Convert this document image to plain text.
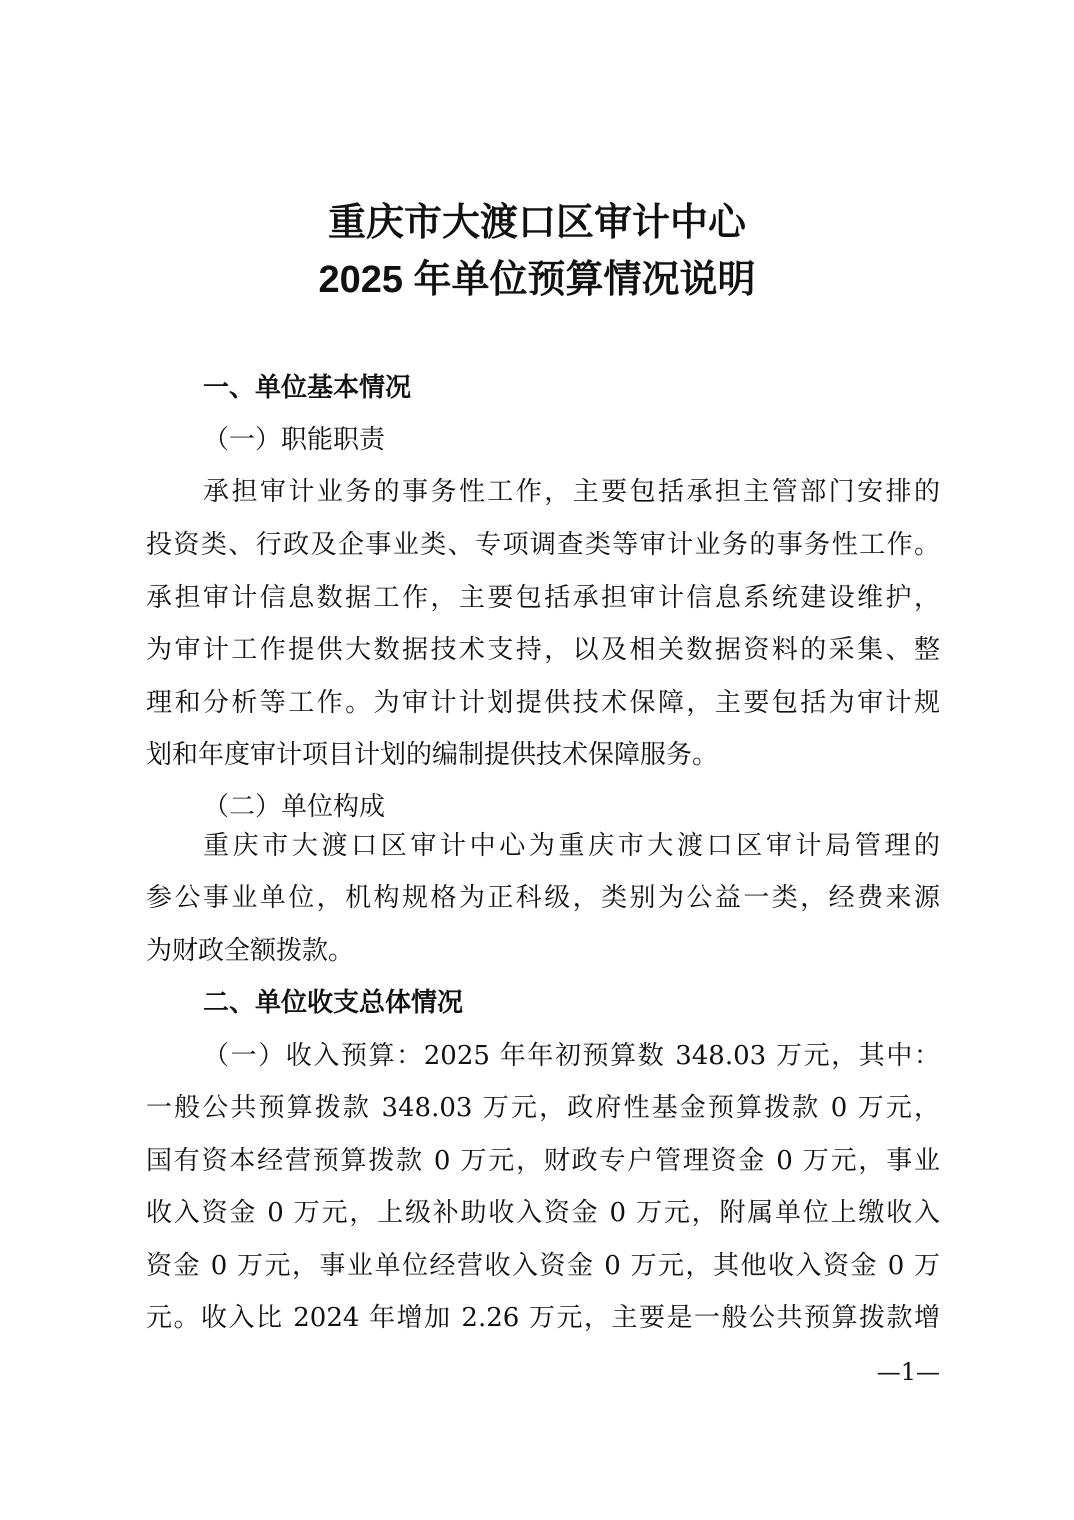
重庆市大渡口区审计中心
2025 年单位预算情况说明
一、单位基本情况
（一）职能职责
承担审计业务的事务性工作，主要包括承担主管部门安排的
投资类、行政及企事业类、专项调查类等审计业务的事务性工作。
承担审计信息数据工作，主要包括承担审计信息系统建设维护，
为审计工作提供大数据技术支持，以及相关数据资料的采集、整
理和分析等工作。为审计计划提供技术保障，主要包括为审计规
划和年度审计项目计划的编制提供技术保障服务。
（二）单位构成
重庆市大渡口区审计中心为重庆市大渡口区审计局管理的
参公事业单位，机构规格为正科级，类别为公益一类，经费来源
为财政全额拨款。
二、单位收支总体情况
（一）收入预算：2025 年年初预算数 348.03 万元，其中：
一般公共预算拨款 348.03 万元，政府性基金预算拨款 0 万元，
国有资本经营预算拨款 0 万元，财政专户管理资金 0 万元，事业
收入资金 0 万元，上级补助收入资金 0 万元，附属单位上缴收入
资金 0 万元，事业单位经营收入资金 0 万元，其他收入资金 0 万
元。收入比 2024 年增加 2.26 万元，主要是一般公共预算拨款增
—1—
